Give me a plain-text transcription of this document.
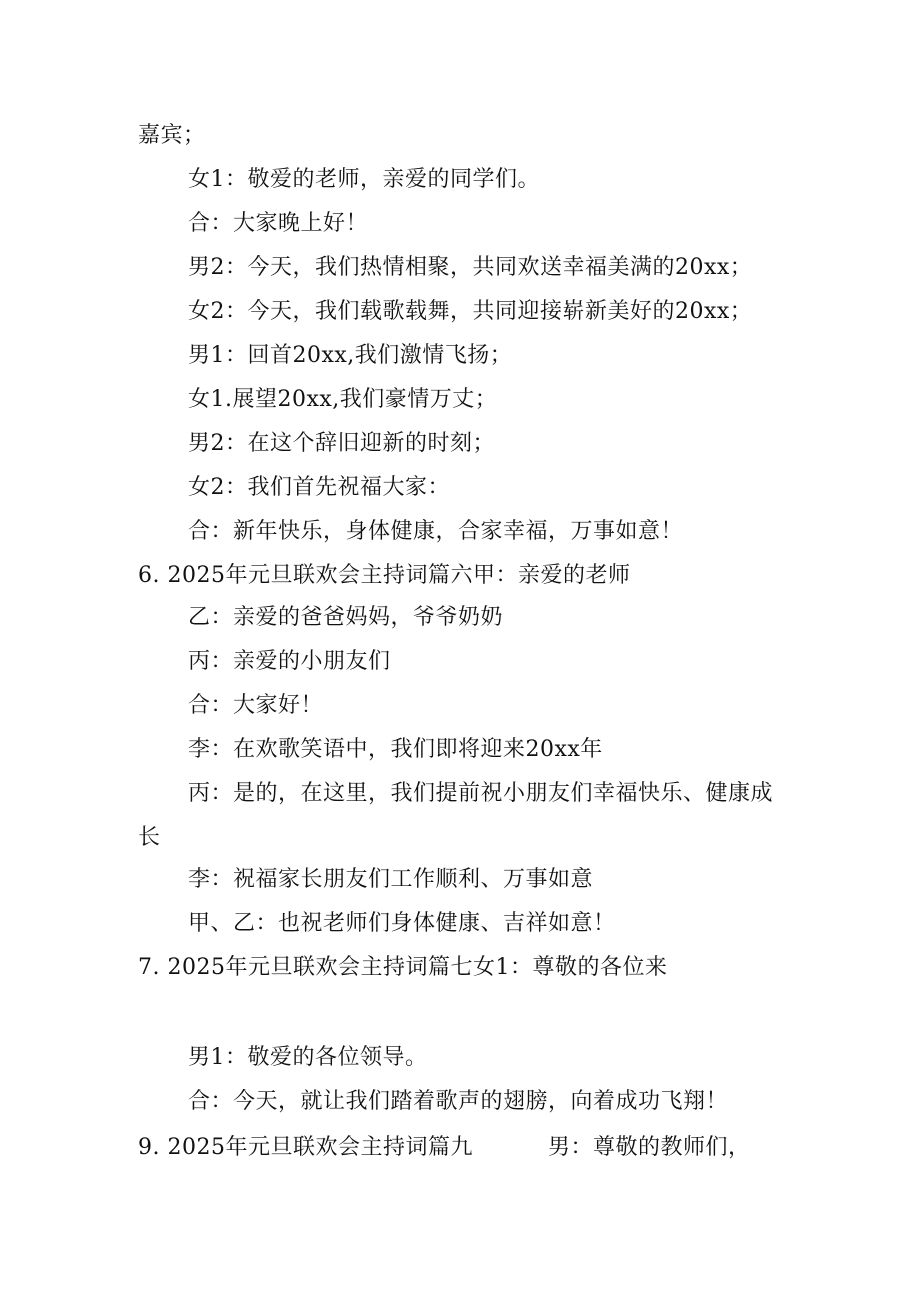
嘉宾；
女1：敬爱的老师，亲爱的同学们。
合：大家晚上好！
男2：今天，我们热情相聚，共同欢送幸福美满的20xx；
女2：今天，我们载歌载舞，共同迎接崭新美好的20xx；
男1：回首20xx,我们激情飞扬；
女1.展望20xx,我们豪情万丈；
男2：在这个辞旧迎新的时刻；
女2：我们首先祝福大家：
合：新年快乐，身体健康，合家幸福，万事如意！
6. 2025年元旦联欢会主持词篇六甲：亲爱的老师
乙：亲爱的爸爸妈妈，爷爷奶奶
丙：亲爱的小朋友们
合：大家好！
李：在欢歌笑语中，我们即将迎来20xx年
丙：是的，在这里，我们提前祝小朋友们幸福快乐、健康成
长
李：祝福家长朋友们工作顺利、万事如意
甲、乙：也祝老师们身体健康、吉祥如意！
7. 2025年元旦联欢会主持词篇七女1：尊敬的各位来
男1：敬爱的各位领导。
合：今天，就让我们踏着歌声的翅膀，向着成功飞翔！
9. 2025年元旦联欢会主持词篇九	男：尊敬的教师们，
